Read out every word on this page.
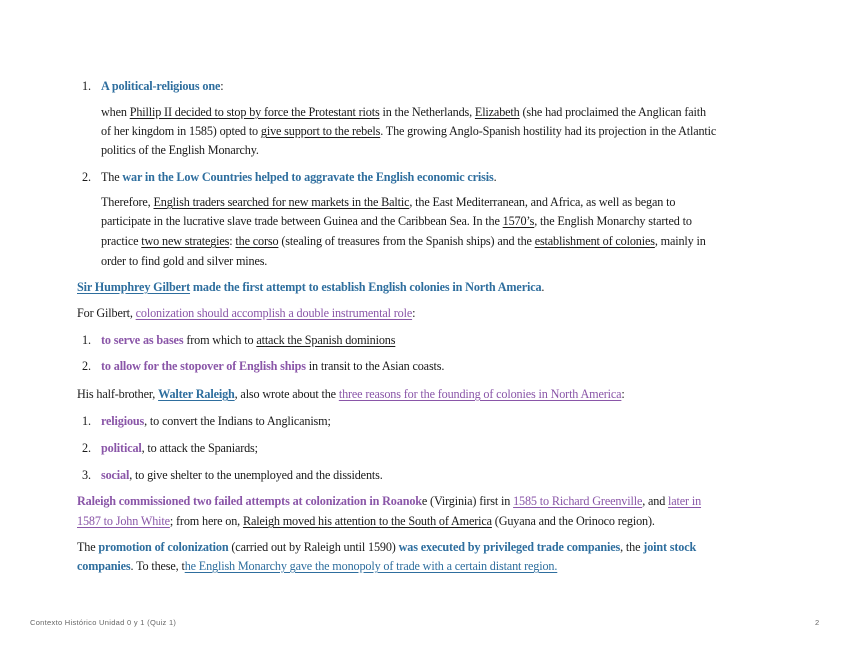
1. A political-religious one:
when Phillip II decided to stop by force the Protestant riots in the Netherlands, Elizabeth (she had proclaimed the Anglican faith
of her kingdom in 1585) opted to give support to the rebels. The growing Anglo-Spanish hostility had its projection in the Atlantic
politics of the English Monarchy.
2. The war in the Low Countries helped to aggravate the English economic crisis.
Therefore, English traders searched for new markets in the Baltic, the East Mediterranean, and Africa, as well as began to
participate in the lucrative slave trade between Guinea and the Caribbean Sea. In the 1570’s, the English Monarchy started to
practice two new strategies: the corso (stealing of treasures from the Spanish ships) and the establishment of colonies, mainly in
order to find gold and silver mines.
Sir Humphrey Gilbert made the first attempt to establish English colonies in North America.
For Gilbert, colonization should accomplish a double instrumental role:
1. to serve as bases from which to attack the Spanish dominions
2. to allow for the stopover of English ships in transit to the Asian coasts.
His half-brother, Walter Raleigh, also wrote about the three reasons for the founding of colonies in North America:
1. religious, to convert the Indians to Anglicanism;
2. political, to attack the Spaniards;
3. social, to give shelter to the unemployed and the dissidents.
Raleigh commissioned two failed attempts at colonization in Roanoke (Virginia) first in 1585 to Richard Greenville, and later in
1587 to John White; from here on, Raleigh moved his attention to the South of America (Guyana and the Orinoco region).
The promotion of colonization (carried out by Raleigh until 1590) was executed by privileged trade companies, the joint stock
companies. To these, the English Monarchy gave the monopoly of trade with a certain distant region.
Contexto Histórico Unidad 0 y 1 (Quiz 1)	2
